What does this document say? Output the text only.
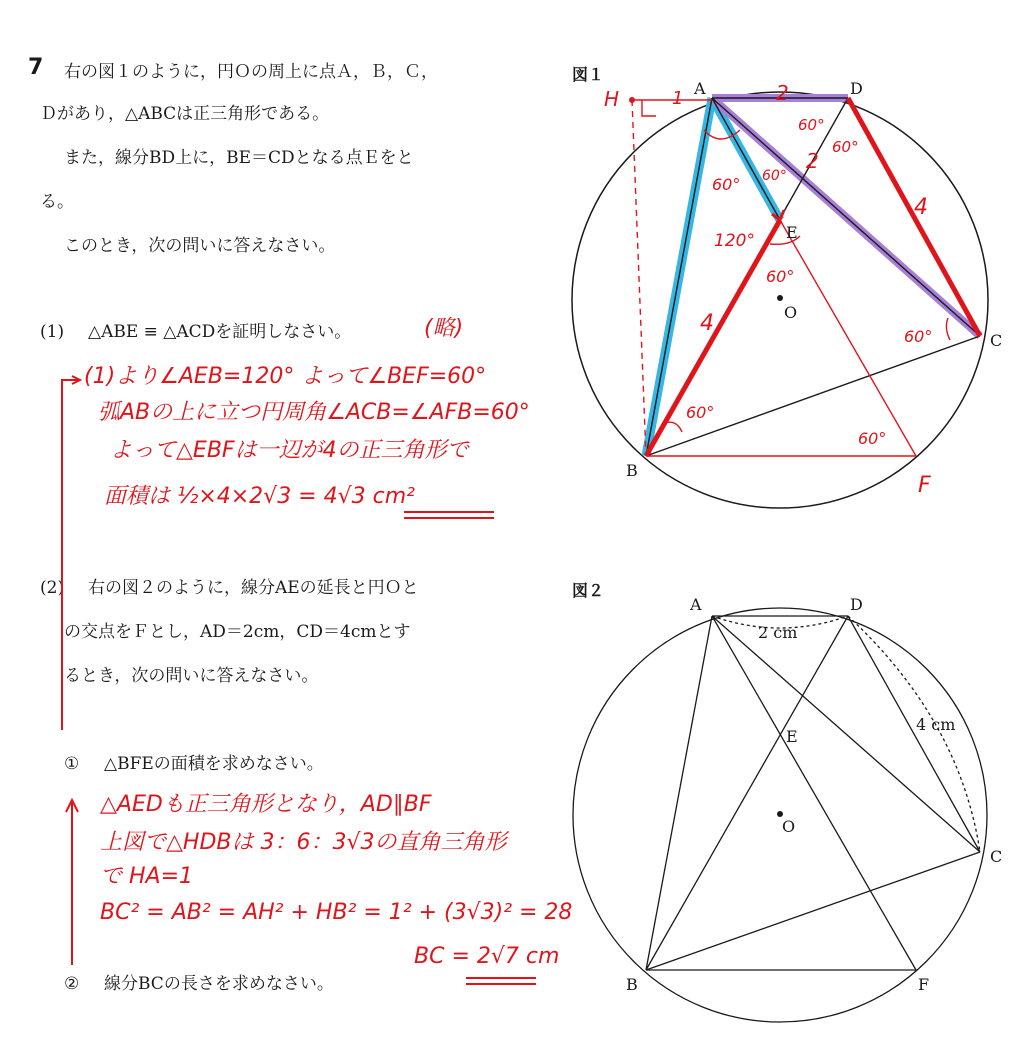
7 右の図１のように，円Ｏの周上に点Ａ，Ｂ，Ｃ，
Ｄがあり，△ABCは正三角形である。
また，線分BD上に，BE＝CDとなる点Ｅをと
る。
このとき，次の問いに答えなさい。
(1) △ABE ≡ △ACDを証明しなさい。	(略)
(1)より∠AEB=120° よって∠BEF=60°
弧ABの上に立つ円周角∠ACB=∠AFB=60°
よって△EBFは一辺が4の正三角形で
面積は ½×4×2√3 = 4√3 cm²
(2) 右の図２のように，線分AEの延長と円Ｏと
の交点をＦとし，AD＝2cm，CD＝4cmとす
るとき，次の問いに答えなさい。
① △BFEの面積を求めなさい。
△AEDも正三角形となり，AD∥BF
上図で△HDBは 3：6：3√3の直角三角形
で HA=1
BC² = AB² = AH² + HB² = 1² + (3√3)² = 28
BC = 2√7 cm
② 線分BCの長さを求めなさい。
図１
図２
A	D
E
O
C
B
F
H	1	2
2
4
4
60° 60°
120°
60°
60°
60°
60°
60°
60°
A	D
E
O
C
B	F
2 cm
4 cm
